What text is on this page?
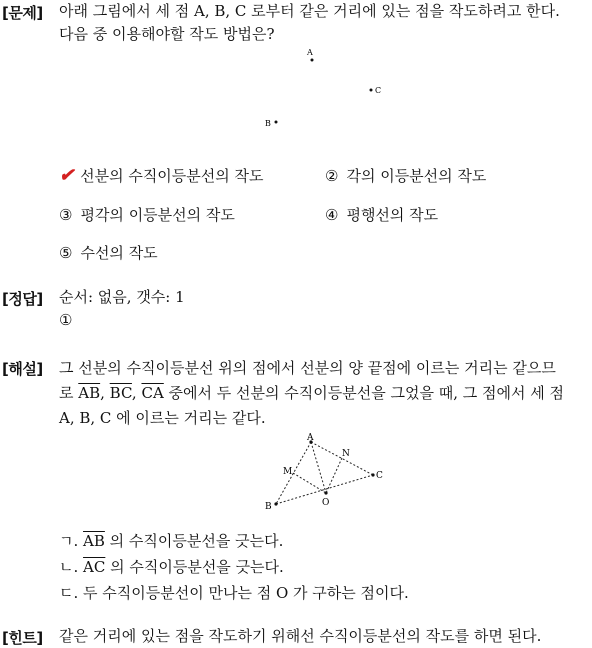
[문제] 아래 그림에서 세 점 A, B, C 로부터 같은 거리에 있는 점을 작도하려고 한다.
다음 중 이용해야할 작도 방법은?
A
C
B
✔ 선분의 수직이등분선의 작도	② 각의 이등분선의 작도
③ 평각의 이등분선의 작도	④ 평행선의 작도
⑤ 수선의 작도
[정답] 순서: 없음, 갯수: 1
①
[해설] 그 선분의 수직이등분선 위의 점에서 선분의 양 끝점에 이르는 거리는 같으므
로 $\overline{AB}$, $\overline{BC}$, $\overline{CA}$ 중에서 두 선분의 수직이등분선을 그었을 때, 그 점에서 세 점
A, B, C 에 이르는 거리는 같다.
A
B
C
M
N
O
ㄱ. $\overline{AB}$ 의 수직이등분선을 긋는다.
ㄴ. $\overline{AC}$ 의 수직이등분선을 긋는다.
ㄷ. 두 수직이등분선이 만나는 점 O 가 구하는 점이다.
[힌트] 같은 거리에 있는 점을 작도하기 위해선 수직이등분선의 작도를 하면 된다.
